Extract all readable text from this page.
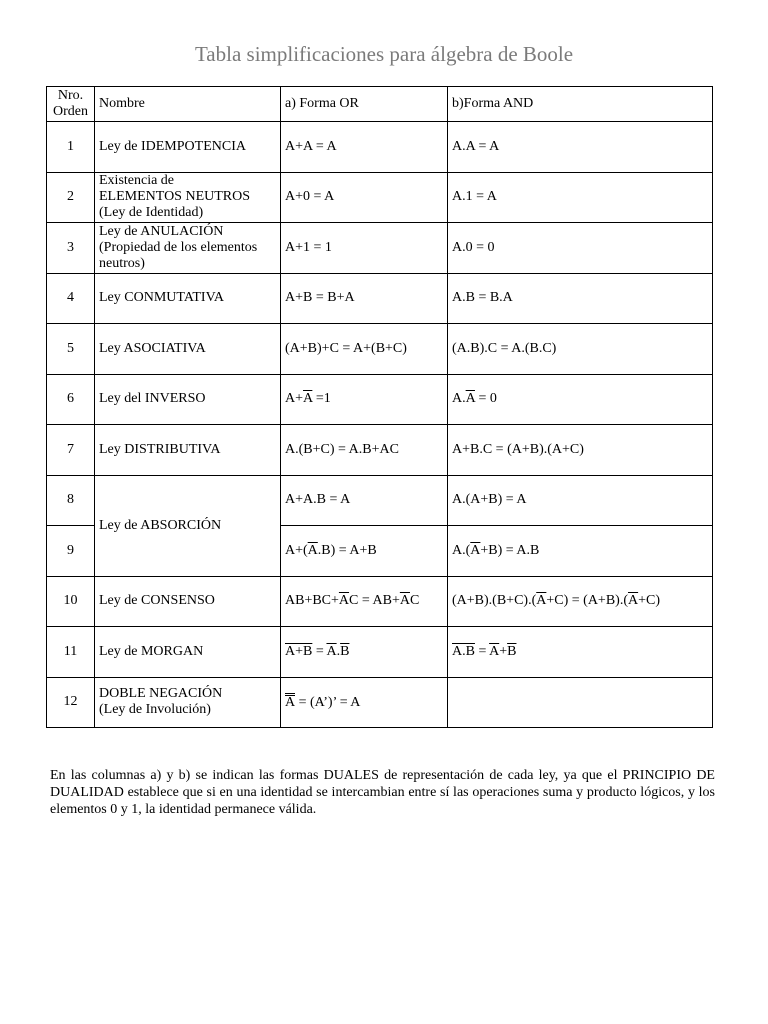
Tabla simplificaciones para álgebra de Boole
Nro.
Orden	Nombre	a) Forma OR	b)Forma AND
1	Ley de IDEMPOTENCIA	A+A = A	A.A = A
2	Existencia de
ELEMENTOS NEUTROS
(Ley de Identidad)	A+0 = A	A.1 = A
3	Ley de ANULACIÓN
(Propiedad de los elementos
neutros)	A+1 = 1	A.0 = 0
4	Ley CONMUTATIVA	A+B = B+A	A.B = B.A
5	Ley ASOCIATIVA	(A+B)+C = A+(B+C)	(A.B).C = A.(B.C)
6	Ley del INVERSO	$A+\overline{A} =1$	$A.\overline{A} = 0$
7	Ley DISTRIBUTIVA	A.(B+C) = A.B+AC	A+B.C = (A+B).(A+C)
8	Ley de ABSORCIÓN	A+A.B = A	A.(A+B) = A
9		$A+(\overline{A}.B) = A+B$	$A.(\overline{A}+B) = A.B$
10	Ley de CONSENSO	$AB+BC+\overline{A}C = AB+\overline{A}C$	$(A+B).(B+C).(\overline{A}+C) = (A+B).(\overline{A}+C)$
11	Ley de MORGAN	$A+B = \overline{A}.\overline{B}$	$A.B = \overline{A}+\overline{B}$
12	DOBLE NEGACIÓN
(Ley de Involución)	A = (A’)’ = A	
En las columnas a) y b) se indican las formas DUALES de representación de cada ley, ya que el PRINCIPIO DE DUALIDAD establece que si en una identidad se intercambian entre sí las operaciones suma y producto lógicos, y los elementos 0 y 1, la identidad permanece válida.
